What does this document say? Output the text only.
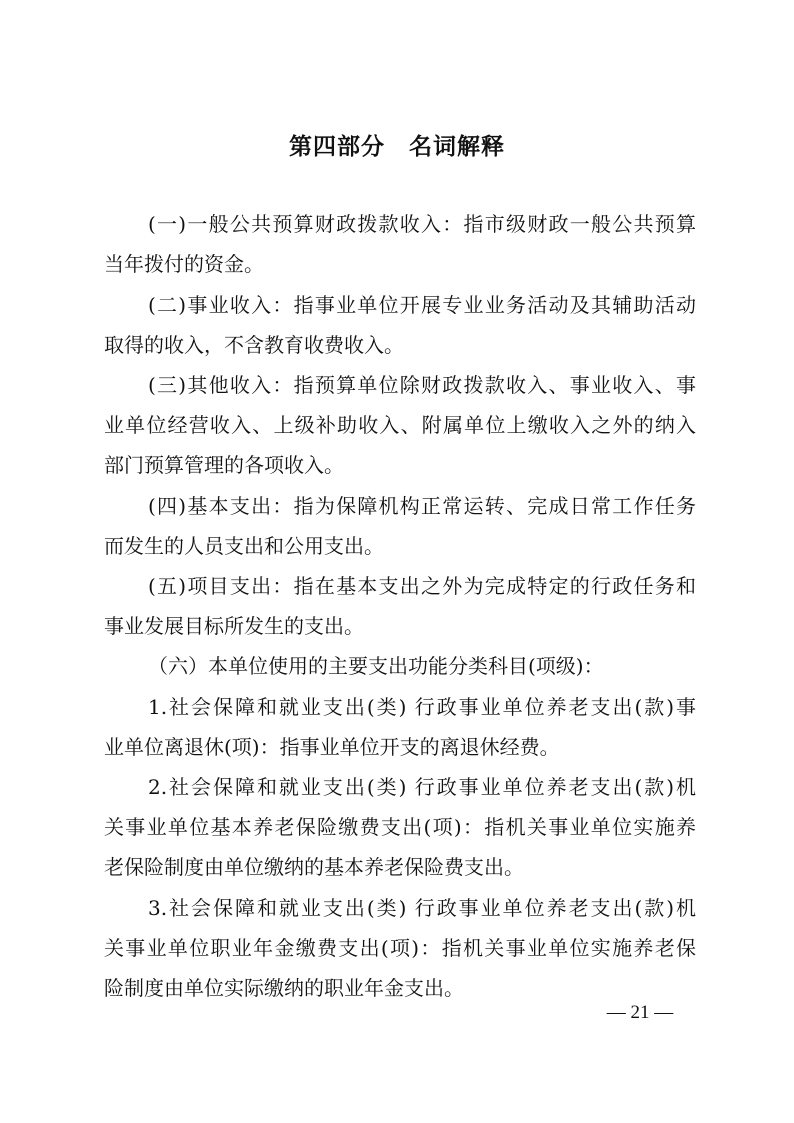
第四部分　名词解释
(一)一般公共预算财政拨款收入：指市级财政一般公共预算
当年拨付的资金。
(二)事业收入：指事业单位开展专业业务活动及其辅助活动
取得的收入，不含教育收费收入。
(三)其他收入：指预算单位除财政拨款收入、事业收入、事
业单位经营收入、上级补助收入、附属单位上缴收入之外的纳入
部门预算管理的各项收入。
(四)基本支出：指为保障机构正常运转、完成日常工作任务
而发生的人员支出和公用支出。
(五)项目支出：指在基本支出之外为完成特定的行政任务和
事业发展目标所发生的支出。
（六）本单位使用的主要支出功能分类科目(项级)：
1.社会保障和就业支出(类) 行政事业单位养老支出(款)事
业单位离退休(项)：指事业单位开支的离退休经费。
2.社会保障和就业支出(类) 行政事业单位养老支出(款)机
关事业单位基本养老保险缴费支出(项)：指机关事业单位实施养
老保险制度由单位缴纳的基本养老保险费支出。
3.社会保障和就业支出(类) 行政事业单位养老支出(款)机
关事业单位职业年金缴费支出(项)：指机关事业单位实施养老保
险制度由单位实际缴纳的职业年金支出。
— 21 —
